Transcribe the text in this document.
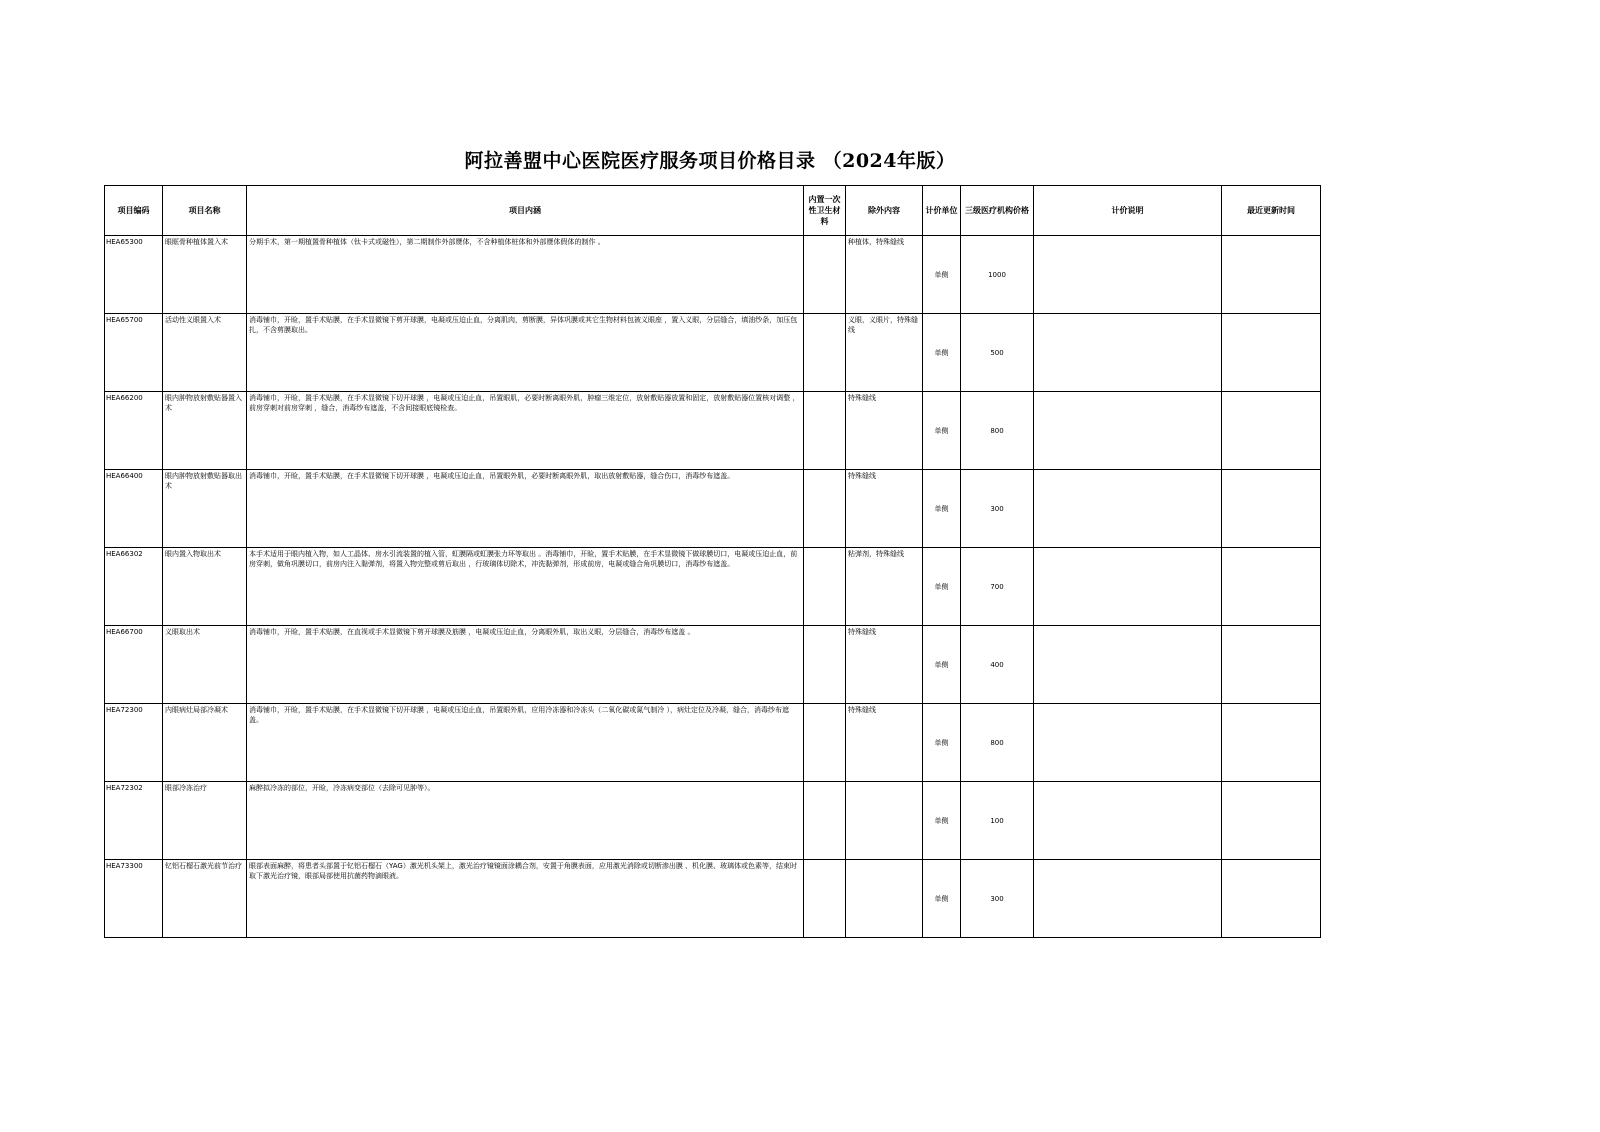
阿拉善盟中心医院医疗服务项目价格目录 （2024年版）
项目编码	项目名称	项目内涵	内置一次性卫生材料	除外内容	计价单位	三级医疗机构价格	计价说明	最近更新时间
HEA65300	眼眶骨种植体置入术	分期手术，第一期植置骨种植体（钛卡式或磁性），第二期制作外部赝体，不含种植体桩体和外部赝体假体的制作 。		种植体，特殊缝线	单侧	1000		
HEA65700	活动性义眼置入术	消毒铺巾，开睑，置手术贴膜，在手术显微镜下剪开球膜，电凝或压迫止血，分离肌肉，剪断膜，异体巩膜或其它生物材料包被义眼座 ，置入义眼，分层缝合，填油纱条，加压包扎，不含剪膜取出。		义眼，义眼片，特殊缝线	单侧	500		
HEA66200	眼内肿物放射敷贴器置入术	消毒铺巾，开睑，置手术贴膜，在手术显微镜下切开球膜 ，电凝或压迫止血，吊置眼肌，必要时断离眼外肌，肿瘤三维定位，放射敷贴器放置和固定，放射敷贴器位置核对调整 ，前房穿刺对前房穿刺 ，缝合，消毒纱布遮盖，不含间接眼底镜检查。		特殊缝线	单侧	800		
HEA66400	眼内肿物放射敷贴器取出术	消毒铺巾，开睑，置手术贴膜，在手术显微镜下切开球膜 ，电凝或压迫止血，吊置眼外肌，必要时断离眼外肌，取出放射敷贴器，缝合伤口，消毒纱布遮盖。		特殊缝线	单侧	300		
HEA66302	眼内置入物取出术	本手术适用于眼内植入物，如人工晶体、房水引流装置的植入管，虹膜隔或虹膜张力环等取出 。消毒铺巾，开睑，置手术贴膜，在手术显微镜下做球膜切口，电凝或压迫止血，前房穿刺，做角巩膜切口，前房内注入黏弹剂，将置入物完整或剪后取出 ，行玻璃体切除术，冲洗黏弹剂，形成前房，电凝或缝合角巩膜切口，消毒纱布遮盖。		粘弹剂，特殊缝线	单侧	700		
HEA66700	义眼取出术	消毒铺巾，开睑，置手术贴膜，在直视或手术显微镜下剪开球膜及筋膜 ，电凝或压迫止血，分离眼外肌，取出义眼，分层缝合，消毒纱布遮盖 。		特殊缝线	单侧	400		
HEA72300	内眼病灶局部冷凝术	消毒铺巾，开睑，置手术贴膜，在手术显微镜下切开球膜 ，电凝或压迫止血，吊置眼外肌，应用冷冻器和冷冻头（二氧化碳或氮气制冷 ），病灶定位及冷凝，缝合，消毒纱布遮盖。		特殊缝线	单侧	800		
HEA72302	眼部冷冻治疗	麻醉拟冷冻的部位，开睑，冷冻病变部位（去除可见肿等）。			单侧	100		
HEA73300	钇铝石榴石激光前节治疗	眼部表面麻醉，将患者头部置于钇铝石榴石（YAG）激光机头架上，激光治疗镜镜面涂耦合剂，安置于角膜表面，应用激光消除或切断渗出膜 、机化膜、玻璃体或色素等，结束时取下激光治疗镜，眼部局部使用抗菌药物滴眼液。			单侧	300		
